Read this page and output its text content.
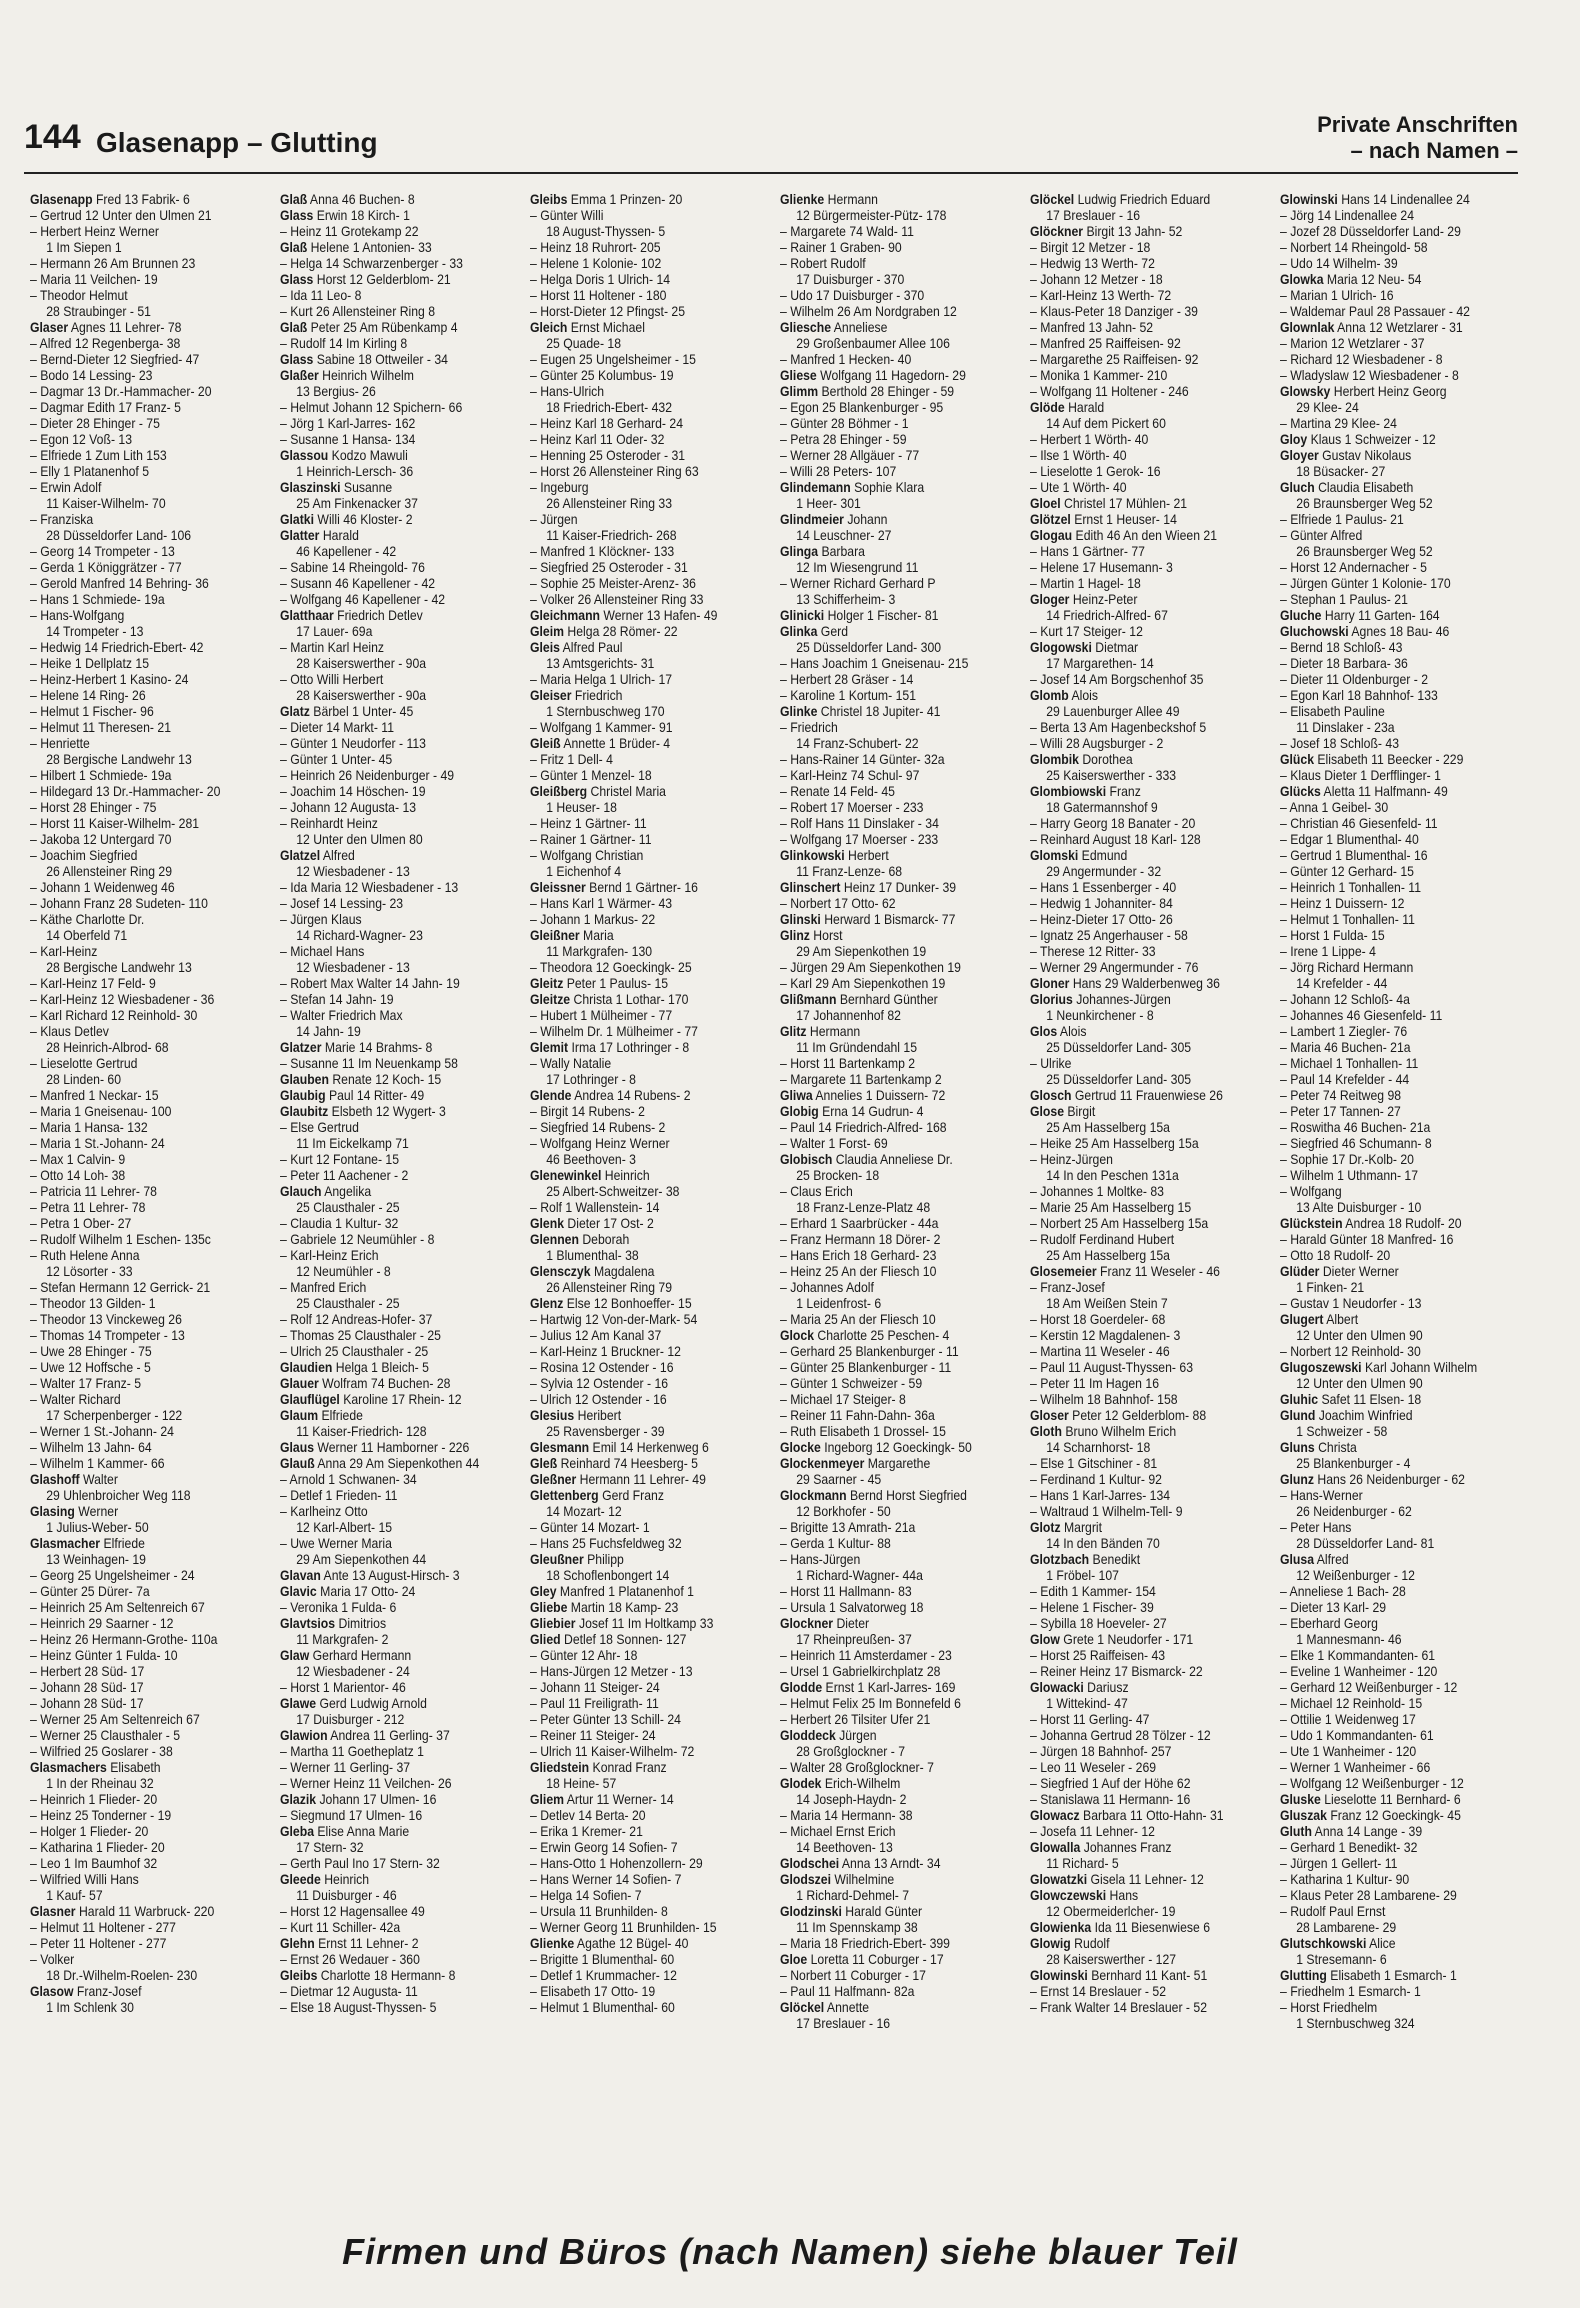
144 Glasenapp – Glutting
Private Anschriften
– nach Namen –
Glasenapp Fred 13 Fabrik- 6
– Gertrud 12 Unter den Ulmen 21
– Herbert Heinz Werner
1 Im Siepen 1
– Hermann 26 Am Brunnen 23
– Maria 11 Veilchen- 19
– Theodor Helmut
28 Straubinger - 51
Glaser Agnes 11 Lehrer- 78
– Alfred 12 Regenberga- 38
– Bernd-Dieter 12 Siegfried- 47
– Bodo 14 Lessing- 23
– Dagmar 13 Dr.-Hammacher- 20
– Dagmar Edith 17 Franz- 5
– Dieter 28 Ehinger - 75
– Egon 12 Voß- 13
– Elfriede 1 Zum Lith 153
– Elly 1 Platanenhof 5
– Erwin Adolf
11 Kaiser-Wilhelm- 70
– Franziska
28 Düsseldorfer Land- 106
– Georg 14 Trompeter - 13
– Gerda 1 Königgrätzer - 77
– Gerold Manfred 14 Behring- 36
– Hans 1 Schmiede- 19a
– Hans-Wolfgang
14 Trompeter - 13
– Hedwig 14 Friedrich-Ebert- 42
– Heike 1 Dellplatz 15
– Heinz-Herbert 1 Kasino- 24
– Helene 14 Ring- 26
– Helmut 1 Fischer- 96
– Helmut 11 Theresen- 21
– Henriette
28 Bergische Landwehr 13
– Hilbert 1 Schmiede- 19a
– Hildegard 13 Dr.-Hammacher- 20
– Horst 28 Ehinger - 75
– Horst 11 Kaiser-Wilhelm- 281
– Jakoba 12 Untergard 70
– Joachim Siegfried
26 Allensteiner Ring 29
– Johann 1 Weidenweg 46
– Johann Franz 28 Sudeten- 110
– Käthe Charlotte Dr.
14 Oberfeld 71
– Karl-Heinz
28 Bergische Landwehr 13
– Karl-Heinz 17 Feld- 9
– Karl-Heinz 12 Wiesbadener - 36
– Karl Richard 12 Reinhold- 30
– Klaus Detlev
28 Heinrich-Albrod- 68
– Lieselotte Gertrud
28 Linden- 60
– Manfred 1 Neckar- 15
– Maria 1 Gneisenau- 100
– Maria 1 Hansa- 132
– Maria 1 St.-Johann- 24
– Max 1 Calvin- 9
– Otto 14 Loh- 38
– Patricia 11 Lehrer- 78
– Petra 11 Lehrer- 78
– Petra 1 Ober- 27
– Rudolf Wilhelm 1 Eschen- 135c
– Ruth Helene Anna
12 Lösorter - 33
– Stefan Hermann 12 Gerrick- 21
– Theodor 13 Gilden- 1
– Theodor 13 Vinckeweg 26
– Thomas 14 Trompeter - 13
– Uwe 28 Ehinger - 75
– Uwe 12 Hoffsche - 5
– Walter 17 Franz- 5
– Walter Richard
17 Scherpenberger - 122
– Werner 1 St.-Johann- 24
– Wilhelm 13 Jahn- 64
– Wilhelm 1 Kammer- 66
Glashoff Walter
29 Uhlenbroicher Weg 118
Glasing Werner
1 Julius-Weber- 50
Glasmacher Elfriede
13 Weinhagen- 19
– Georg 25 Ungelsheimer - 24
– Günter 25 Dürer- 7a
– Heinrich 25 Am Seltenreich 67
– Heinrich 29 Saarner - 12
– Heinz 26 Hermann-Grothe- 110a
– Heinz Günter 1 Fulda- 10
– Herbert 28 Süd- 17
– Johann 28 Süd- 17
– Johann 28 Süd- 17
– Werner 25 Am Seltenreich 67
– Werner 25 Clausthaler - 5
– Wilfried 25 Goslarer - 38
Glasmachers Elisabeth
1 In der Rheinau 32
– Heinrich 1 Flieder- 20
– Heinz 25 Tonderner - 19
– Holger 1 Flieder- 20
– Katharina 1 Flieder- 20
– Leo 1 Im Baumhof 32
– Wilfried Willi Hans
1 Kauf- 57
Glasner Harald 11 Warbruck- 220
– Helmut 11 Holtener - 277
– Peter 11 Holtener - 277
– Volker
18 Dr.-Wilhelm-Roelen- 230
Glasow Franz-Josef
1 Im Schlenk 30
Glaß Anna 46 Buchen- 8
Glass Erwin 18 Kirch- 1
– Heinz 11 Grotekamp 22
Glaß Helene 1 Antonien- 33
– Helga 14 Schwarzenberger - 33
Glass Horst 12 Gelderblom- 21
– Ida 11 Leo- 8
– Kurt 26 Allensteiner Ring 8
Glaß Peter 25 Am Rübenkamp 4
– Rudolf 14 Im Kirling 8
Glass Sabine 18 Ottweiler - 34
Glaßer Heinrich Wilhelm
13 Bergius- 26
– Helmut Johann 12 Spichern- 66
– Jörg 1 Karl-Jarres- 162
– Susanne 1 Hansa- 134
Glassou Kodzo Mawuli
1 Heinrich-Lersch- 36
Glaszinski Susanne
25 Am Finkenacker 37
Glatki Willi 46 Kloster- 2
Glatter Harald
46 Kapellener - 42
– Sabine 14 Rheingold- 76
– Susann 46 Kapellener - 42
– Wolfgang 46 Kapellener - 42
Glatthaar Friedrich Detlev
17 Lauer- 69a
– Martin Karl Heinz
28 Kaiserswerther - 90a
– Otto Willi Herbert
28 Kaiserswerther - 90a
Glatz Bärbel 1 Unter- 45
– Dieter 14 Markt- 11
– Günter 1 Neudorfer - 113
– Günter 1 Unter- 45
– Heinrich 26 Neidenburger - 49
– Joachim 14 Höschen- 19
– Johann 12 Augusta- 13
– Reinhardt Heinz
12 Unter den Ulmen 80
Glatzel Alfred
12 Wiesbadener - 13
– Ida Maria 12 Wiesbadener - 13
– Josef 14 Lessing- 23
– Jürgen Klaus
14 Richard-Wagner- 23
– Michael Hans
12 Wiesbadener - 13
– Robert Max Walter 14 Jahn- 19
– Stefan 14 Jahn- 19
– Walter Friedrich Max
14 Jahn- 19
Glatzer Marie 14 Brahms- 8
– Susanne 11 Im Neuenkamp 58
Glauben Renate 12 Koch- 15
Glaubig Paul 14 Ritter- 49
Glaubitz Elsbeth 12 Wygert- 3
– Else Gertrud
11 Im Eickelkamp 71
– Kurt 12 Fontane- 15
– Peter 11 Aachener - 2
Glauch Angelika
25 Clausthaler - 25
– Claudia 1 Kultur- 32
– Gabriele 12 Neumühler - 8
– Karl-Heinz Erich
12 Neumühler - 8
– Manfred Erich
25 Clausthaler - 25
– Rolf 12 Andreas-Hofer- 37
– Thomas 25 Clausthaler - 25
– Ulrich 25 Clausthaler - 25
Glaudien Helga 1 Bleich- 5
Glauer Wolfram 74 Buchen- 28
Glauflügel Karoline 17 Rhein- 12
Glaum Elfriede
11 Kaiser-Friedrich- 128
Glaus Werner 11 Hamborner - 226
Glauß Anna 29 Am Siepenkothen 44
– Arnold 1 Schwanen- 34
– Detlef 1 Frieden- 11
– Karlheinz Otto
12 Karl-Albert- 15
– Uwe Werner Maria
29 Am Siepenkothen 44
Glavan Ante 13 August-Hirsch- 3
Glavic Maria 17 Otto- 24
– Veronika 1 Fulda- 6
Glavtsios Dimitrios
11 Markgrafen- 2
Glaw Gerhard Hermann
12 Wiesbadener - 24
– Horst 1 Marientor- 46
Glawe Gerd Ludwig Arnold
17 Duisburger - 212
Glawion Andrea 11 Gerling- 37
– Martha 11 Goetheplatz 1
– Werner 11 Gerling- 37
– Werner Heinz 11 Veilchen- 26
Glazik Johann 17 Ulmen- 16
– Siegmund 17 Ulmen- 16
Gleba Elise Anna Marie
17 Stern- 32
– Gerth Paul Ino 17 Stern- 32
Gleede Heinrich
11 Duisburger - 46
– Horst 12 Hagensallee 49
– Kurt 11 Schiller- 42a
Glehn Ernst 11 Lehner- 2
– Ernst 26 Wedauer - 360
Gleibs Charlotte 18 Hermann- 8
– Dietmar 12 Augusta- 11
– Else 18 August-Thyssen- 5
Gleibs Emma 1 Prinzen- 20
– Günter Willi
18 August-Thyssen- 5
– Heinz 18 Ruhrort- 205
– Helene 1 Kolonie- 102
– Helga Doris 1 Ulrich- 14
– Horst 11 Holtener - 180
– Horst-Dieter 12 Pfingst- 25
Gleich Ernst Michael
25 Quade- 18
– Eugen 25 Ungelsheimer - 15
– Günter 25 Kolumbus- 19
– Hans-Ulrich
18 Friedrich-Ebert- 432
– Heinz Karl 18 Gerhard- 24
– Heinz Karl 11 Oder- 32
– Henning 25 Osteroder - 31
– Horst 26 Allensteiner Ring 63
– Ingeburg
26 Allensteiner Ring 33
– Jürgen
11 Kaiser-Friedrich- 268
– Manfred 1 Klöckner- 133
– Siegfried 25 Osteroder - 31
– Sophie 25 Meister-Arenz- 36
– Volker 26 Allensteiner Ring 33
Gleichmann Werner 13 Hafen- 49
Gleim Helga 28 Römer- 22
Gleis Alfred Paul
13 Amtsgerichts- 31
– Maria Helga 1 Ulrich- 17
Gleiser Friedrich
1 Sternbuschweg 170
– Wolfgang 1 Kammer- 91
Gleiß Annette 1 Brüder- 4
– Fritz 1 Dell- 4
– Günter 1 Menzel- 18
Gleißberg Christel Maria
1 Heuser- 18
– Heinz 1 Gärtner- 11
– Rainer 1 Gärtner- 11
– Wolfgang Christian
1 Eichenhof 4
Gleissner Bernd 1 Gärtner- 16
– Hans Karl 1 Wärmer- 43
– Johann 1 Markus- 22
Gleißner Maria
11 Markgrafen- 130
– Theodora 12 Goeckingk- 25
Gleitz Peter 1 Paulus- 15
Gleitze Christa 1 Lothar- 170
– Hubert 1 Mülheimer - 77
– Wilhelm Dr. 1 Mülheimer - 77
Glemit Irma 17 Lothringer - 8
– Wally Natalie
17 Lothringer - 8
Glende Andrea 14 Rubens- 2
– Birgit 14 Rubens- 2
– Siegfried 14 Rubens- 2
– Wolfgang Heinz Werner
46 Beethoven- 3
Glenewinkel Heinrich
25 Albert-Schweitzer- 38
– Rolf 1 Wallenstein- 14
Glenk Dieter 17 Ost- 2
Glennen Deborah
1 Blumenthal- 38
Glensczyk Magdalena
26 Allensteiner Ring 79
Glenz Else 12 Bonhoeffer- 15
– Hartwig 12 Von-der-Mark- 54
– Julius 12 Am Kanal 37
– Karl-Heinz 1 Bruckner- 12
– Rosina 12 Ostender - 16
– Sylvia 12 Ostender - 16
– Ulrich 12 Ostender - 16
Glesius Heribert
25 Ravensberger - 39
Glesmann Emil 14 Herkenweg 6
Gleß Reinhard 74 Heesberg- 5
Gleßner Hermann 11 Lehrer- 49
Glettenberg Gerd Franz
14 Mozart- 12
– Günter 14 Mozart- 1
– Hans 25 Fuchsfeldweg 32
Gleußner Philipp
18 Schoflenbongert 14
Gley Manfred 1 Platanenhof 1
Gliebe Martin 18 Kamp- 23
Gliebier Josef 11 Im Holtkamp 33
Glied Detlef 18 Sonnen- 127
– Günter 12 Ahr- 18
– Hans-Jürgen 12 Metzer - 13
– Johann 11 Steiger- 24
– Paul 11 Freiligrath- 11
– Peter Günter 13 Schill- 24
– Reiner 11 Steiger- 24
– Ulrich 11 Kaiser-Wilhelm- 72
Gliedstein Konrad Franz
18 Heine- 57
Gliem Artur 11 Werner- 14
– Detlev 14 Berta- 20
– Erika 1 Kremer- 21
– Erwin Georg 14 Sofien- 7
– Hans-Otto 1 Hohenzollern- 29
– Hans Werner 14 Sofien- 7
– Helga 14 Sofien- 7
– Ursula 11 Brunhilden- 8
– Werner Georg 11 Brunhilden- 15
Glienke Agathe 12 Bügel- 40
– Brigitte 1 Blumenthal- 60
– Detlef 1 Krummacher- 12
– Elisabeth 17 Otto- 19
– Helmut 1 Blumenthal- 60
Glienke Hermann
12 Bürgermeister-Pütz- 178
– Margarete 74 Wald- 11
– Rainer 1 Graben- 90
– Robert Rudolf
17 Duisburger - 370
– Udo 17 Duisburger - 370
– Wilhelm 26 Am Nordgraben 12
Gliesche Anneliese
29 Großenbaumer Allee 106
– Manfred 1 Hecken- 40
Gliese Wolfgang 11 Hagedorn- 29
Glimm Berthold 28 Ehinger - 59
– Egon 25 Blankenburger - 95
– Günter 28 Böhmer - 1
– Petra 28 Ehinger - 59
– Werner 28 Allgäuer - 77
– Willi 28 Peters- 107
Glindemann Sophie Klara
1 Heer- 301
Glindmeier Johann
14 Leuschner- 27
Glinga Barbara
12 Im Wiesengrund 11
– Werner Richard Gerhard P
13 Schifferheim- 3
Glinicki Holger 1 Fischer- 81
Glinka Gerd
25 Düsseldorfer Land- 300
– Hans Joachim 1 Gneisenau- 215
– Herbert 28 Gräser - 14
– Karoline 1 Kortum- 151
Glinke Christel 18 Jupiter- 41
– Friedrich
14 Franz-Schubert- 22
– Hans-Rainer 14 Günter- 32a
– Karl-Heinz 74 Schul- 97
– Renate 14 Feld- 45
– Robert 17 Moerser - 233
– Rolf Hans 11 Dinslaker - 34
– Wolfgang 17 Moerser - 233
Glinkowski Herbert
11 Franz-Lenze- 68
Glinschert Heinz 17 Dunker- 39
– Norbert 17 Otto- 62
Glinski Herward 1 Bismarck- 77
Glinz Horst
29 Am Siepenkothen 19
– Jürgen 29 Am Siepenkothen 19
– Karl 29 Am Siepenkothen 19
Glißmann Bernhard Günther
17 Johannenhof 82
Glitz Hermann
11 Im Gründendahl 15
– Horst 11 Bartenkamp 2
– Margarete 11 Bartenkamp 2
Gliwa Annelies 1 Duissern- 72
Globig Erna 14 Gudrun- 4
– Paul 14 Friedrich-Alfred- 168
– Walter 1 Forst- 69
Globisch Claudia Anneliese Dr.
25 Brocken- 18
– Claus Erich
18 Franz-Lenze-Platz 48
– Erhard 1 Saarbrücker - 44a
– Franz Hermann 18 Dörer- 2
– Hans Erich 18 Gerhard- 23
– Heinz 25 An der Fliesch 10
– Johannes Adolf
1 Leidenfrost- 6
– Maria 25 An der Fliesch 10
Glock Charlotte 25 Peschen- 4
– Gerhard 25 Blankenburger - 11
– Günter 25 Blankenburger - 11
– Günter 1 Schweizer - 59
– Michael 17 Steiger- 8
– Reiner 11 Fahn-Dahn- 36a
– Ruth Elisabeth 1 Drossel- 15
Glocke Ingeborg 12 Goeckingk- 50
Glockenmeyer Margarethe
29 Saarner - 45
Glockmann Bernd Horst Siegfried
12 Borkhofer - 50
– Brigitte 13 Amrath- 21a
– Gerda 1 Kultur- 88
– Hans-Jürgen
1 Richard-Wagner- 44a
– Horst 11 Hallmann- 83
– Ursula 1 Salvatorweg 18
Glockner Dieter
17 Rheinpreußen- 37
– Heinrich 11 Amsterdamer - 23
– Ursel 1 Gabrielkirchplatz 28
Glodde Ernst 1 Karl-Jarres- 169
– Helmut Felix 25 Im Bonnefeld 6
– Herbert 26 Tilsiter Ufer 21
Gloddeck Jürgen
28 Großglockner - 7
– Walter 28 Großglockner- 7
Glodek Erich-Wilhelm
14 Joseph-Haydn- 2
– Maria 14 Hermann- 38
– Michael Ernst Erich
14 Beethoven- 13
Glodschei Anna 13 Arndt- 34
Glodszei Wilhelmine
1 Richard-Dehmel- 7
Glodzinski Harald Günter
11 Im Spennskamp 38
– Maria 18 Friedrich-Ebert- 399
Gloe Loretta 11 Coburger - 17
– Norbert 11 Coburger - 17
– Paul 11 Halfmann- 82a
Glöckel Annette
17 Breslauer - 16
Glöckel Ludwig Friedrich Eduard
17 Breslauer - 16
Glöckner Birgit 13 Jahn- 52
– Birgit 12 Metzer - 18
– Hedwig 13 Werth- 72
– Johann 12 Metzer - 18
– Karl-Heinz 13 Werth- 72
– Klaus-Peter 18 Danziger - 39
– Manfred 13 Jahn- 52
– Manfred 25 Raiffeisen- 92
– Margarethe 25 Raiffeisen- 92
– Monika 1 Kammer- 210
– Wolfgang 11 Holtener - 246
Glöde Harald
14 Auf dem Pickert 60
– Herbert 1 Wörth- 40
– Ilse 1 Wörth- 40
– Lieselotte 1 Gerok- 16
– Ute 1 Wörth- 40
Gloel Christel 17 Mühlen- 21
Glötzel Ernst 1 Heuser- 14
Glogau Edith 46 An den Wieen 21
– Hans 1 Gärtner- 77
– Helene 17 Husemann- 3
– Martin 1 Hagel- 18
Gloger Heinz-Peter
14 Friedrich-Alfred- 67
– Kurt 17 Steiger- 12
Glogowski Dietmar
17 Margarethen- 14
– Josef 14 Am Borgschenhof 35
Glomb Alois
29 Lauenburger Allee 49
– Berta 13 Am Hagenbeckshof 5
– Willi 28 Augsburger - 2
Glombik Dorothea
25 Kaiserswerther - 333
Glombiowski Franz
18 Gatermannshof 9
– Harry Georg 18 Banater - 20
– Reinhard August 18 Karl- 128
Glomski Edmund
29 Angermunder - 32
– Hans 1 Essenberger - 40
– Hedwig 1 Johanniter- 84
– Heinz-Dieter 17 Otto- 26
– Ignatz 25 Angerhauser - 58
– Therese 12 Ritter- 33
– Werner 29 Angermunder - 76
Gloner Hans 29 Walderbenweg 36
Glorius Johannes-Jürgen
1 Neunkirchener - 8
Glos Alois
25 Düsseldorfer Land- 305
– Ulrike
25 Düsseldorfer Land- 305
Glosch Gertrud 11 Frauenwiese 26
Glose Birgit
25 Am Hasselberg 15a
– Heike 25 Am Hasselberg 15a
– Heinz-Jürgen
14 In den Peschen 131a
– Johannes 1 Moltke- 83
– Marie 25 Am Hasselberg 15
– Norbert 25 Am Hasselberg 15a
– Rudolf Ferdinand Hubert
25 Am Hasselberg 15a
Glosemeier Franz 11 Weseler - 46
– Franz-Josef
18 Am Weißen Stein 7
– Horst 18 Goerdeler- 68
– Kerstin 12 Magdalenen- 3
– Martina 11 Weseler - 46
– Paul 11 August-Thyssen- 63
– Peter 11 Im Hagen 16
– Wilhelm 18 Bahnhof- 158
Gloser Peter 12 Gelderblom- 88
Gloth Bruno Wilhelm Erich
14 Scharnhorst- 18
– Else 1 Gitschiner - 81
– Ferdinand 1 Kultur- 92
– Hans 1 Karl-Jarres- 134
– Waltraud 1 Wilhelm-Tell- 9
Glotz Margrit
14 In den Bänden 70
Glotzbach Benedikt
1 Fröbel- 107
– Edith 1 Kammer- 154
– Helene 1 Fischer- 39
– Sybilla 18 Hoeveler- 27
Glow Grete 1 Neudorfer - 171
– Horst 25 Raiffeisen- 43
– Reiner Heinz 17 Bismarck- 22
Glowacki Dariusz
1 Wittekind- 47
– Horst 11 Gerling- 47
– Johanna Gertrud 28 Tölzer - 12
– Jürgen 18 Bahnhof- 257
– Leo 11 Weseler - 269
– Siegfried 1 Auf der Höhe 62
– Stanislawa 11 Hermann- 16
Glowacz Barbara 11 Otto-Hahn- 31
– Josefa 11 Lehner- 12
Glowalla Johannes Franz
11 Richard- 5
Glowatzki Gisela 11 Lehner- 12
Glowczewski Hans
12 Obermeiderlcher- 19
Glowienka Ida 11 Biesenwiese 6
Glowig Rudolf
28 Kaiserswerther - 127
Glowinski Bernhard 11 Kant- 51
– Ernst 14 Breslauer - 52
– Frank Walter 14 Breslauer - 52
Glowinski Hans 14 Lindenallee 24
– Jörg 14 Lindenallee 24
– Jozef 28 Düsseldorfer Land- 29
– Norbert 14 Rheingold- 58
– Udo 14 Wilhelm- 39
Glowka Maria 12 Neu- 54
– Marian 1 Ulrich- 16
– Waldemar Paul 28 Passauer - 42
Glownlak Anna 12 Wetzlarer - 31
– Marion 12 Wetzlarer - 37
– Richard 12 Wiesbadener - 8
– Wladyslaw 12 Wiesbadener - 8
Glowsky Herbert Heinz Georg
29 Klee- 24
– Martina 29 Klee- 24
Gloy Klaus 1 Schweizer - 12
Gloyer Gustav Nikolaus
18 Büsacker- 27
Gluch Claudia Elisabeth
26 Braunsberger Weg 52
– Elfriede 1 Paulus- 21
– Günter Alfred
26 Braunsberger Weg 52
– Horst 12 Andernacher - 5
– Jürgen Günter 1 Kolonie- 170
– Stephan 1 Paulus- 21
Gluche Harry 11 Garten- 164
Gluchowski Agnes 18 Bau- 46
– Bernd 18 Schloß- 43
– Dieter 18 Barbara- 36
– Dieter 11 Oldenburger - 2
– Egon Karl 18 Bahnhof- 133
– Elisabeth Pauline
11 Dinslaker - 23a
– Josef 18 Schloß- 43
Glück Elisabeth 11 Beecker - 229
– Klaus Dieter 1 Derfflinger- 1
Glücks Aletta 11 Halfmann- 49
– Anna 1 Geibel- 30
– Christian 46 Giesenfeld- 11
– Edgar 1 Blumenthal- 40
– Gertrud 1 Blumenthal- 16
– Günter 12 Gerhard- 15
– Heinrich 1 Tonhallen- 11
– Heinz 1 Duissern- 12
– Helmut 1 Tonhallen- 11
– Horst 1 Fulda- 15
– Irene 1 Lippe- 4
– Jörg Richard Hermann
14 Krefelder - 44
– Johann 12 Schloß- 4a
– Johannes 46 Giesenfeld- 11
– Lambert 1 Ziegler- 76
– Maria 46 Buchen- 21a
– Michael 1 Tonhallen- 11
– Paul 14 Krefelder - 44
– Peter 74 Reitweg 98
– Peter 17 Tannen- 27
– Roswitha 46 Buchen- 21a
– Siegfried 46 Schumann- 8
– Sophie 17 Dr.-Kolb- 20
– Wilhelm 1 Uthmann- 17
– Wolfgang
13 Alte Duisburger - 10
Glückstein Andrea 18 Rudolf- 20
– Harald Günter 18 Manfred- 16
– Otto 18 Rudolf- 20
Glüder Dieter Werner
1 Finken- 21
– Gustav 1 Neudorfer - 13
Glugert Albert
12 Unter den Ulmen 90
– Norbert 12 Reinhold- 30
Glugoszewski Karl Johann Wilhelm
12 Unter den Ulmen 90
Gluhic Safet 11 Elsen- 18
Glund Joachim Winfried
1 Schweizer - 58
Gluns Christa
25 Blankenburger - 4
Glunz Hans 26 Neidenburger - 62
– Hans-Werner
26 Neidenburger - 62
– Peter Hans
28 Düsseldorfer Land- 81
Glusa Alfred
12 Weißenburger - 12
– Anneliese 1 Bach- 28
– Dieter 13 Karl- 29
– Eberhard Georg
1 Mannesmann- 46
– Elke 1 Kommandanten- 61
– Eveline 1 Wanheimer - 120
– Gerhard 12 Weißenburger - 12
– Michael 12 Reinhold- 15
– Ottilie 1 Weidenweg 17
– Udo 1 Kommandanten- 61
– Ute 1 Wanheimer - 120
– Werner 1 Wanheimer - 66
– Wolfgang 12 Weißenburger - 12
Gluske Lieselotte 11 Bernhard- 6
Gluszak Franz 12 Goeckingk- 45
Gluth Anna 14 Lange - 39
– Gerhard 1 Benedikt- 32
– Jürgen 1 Gellert- 11
– Katharina 1 Kultur- 90
– Klaus Peter 28 Lambarene- 29
– Rudolf Paul Ernst
28 Lambarene- 29
Glutschkowski Alice
1 Stresemann- 6
Glutting Elisabeth 1 Esmarch- 1
– Friedhelm 1 Esmarch- 1
– Horst Friedhelm
1 Sternbuschweg 324
Firmen und Büros (nach Namen) siehe blauer Teil
